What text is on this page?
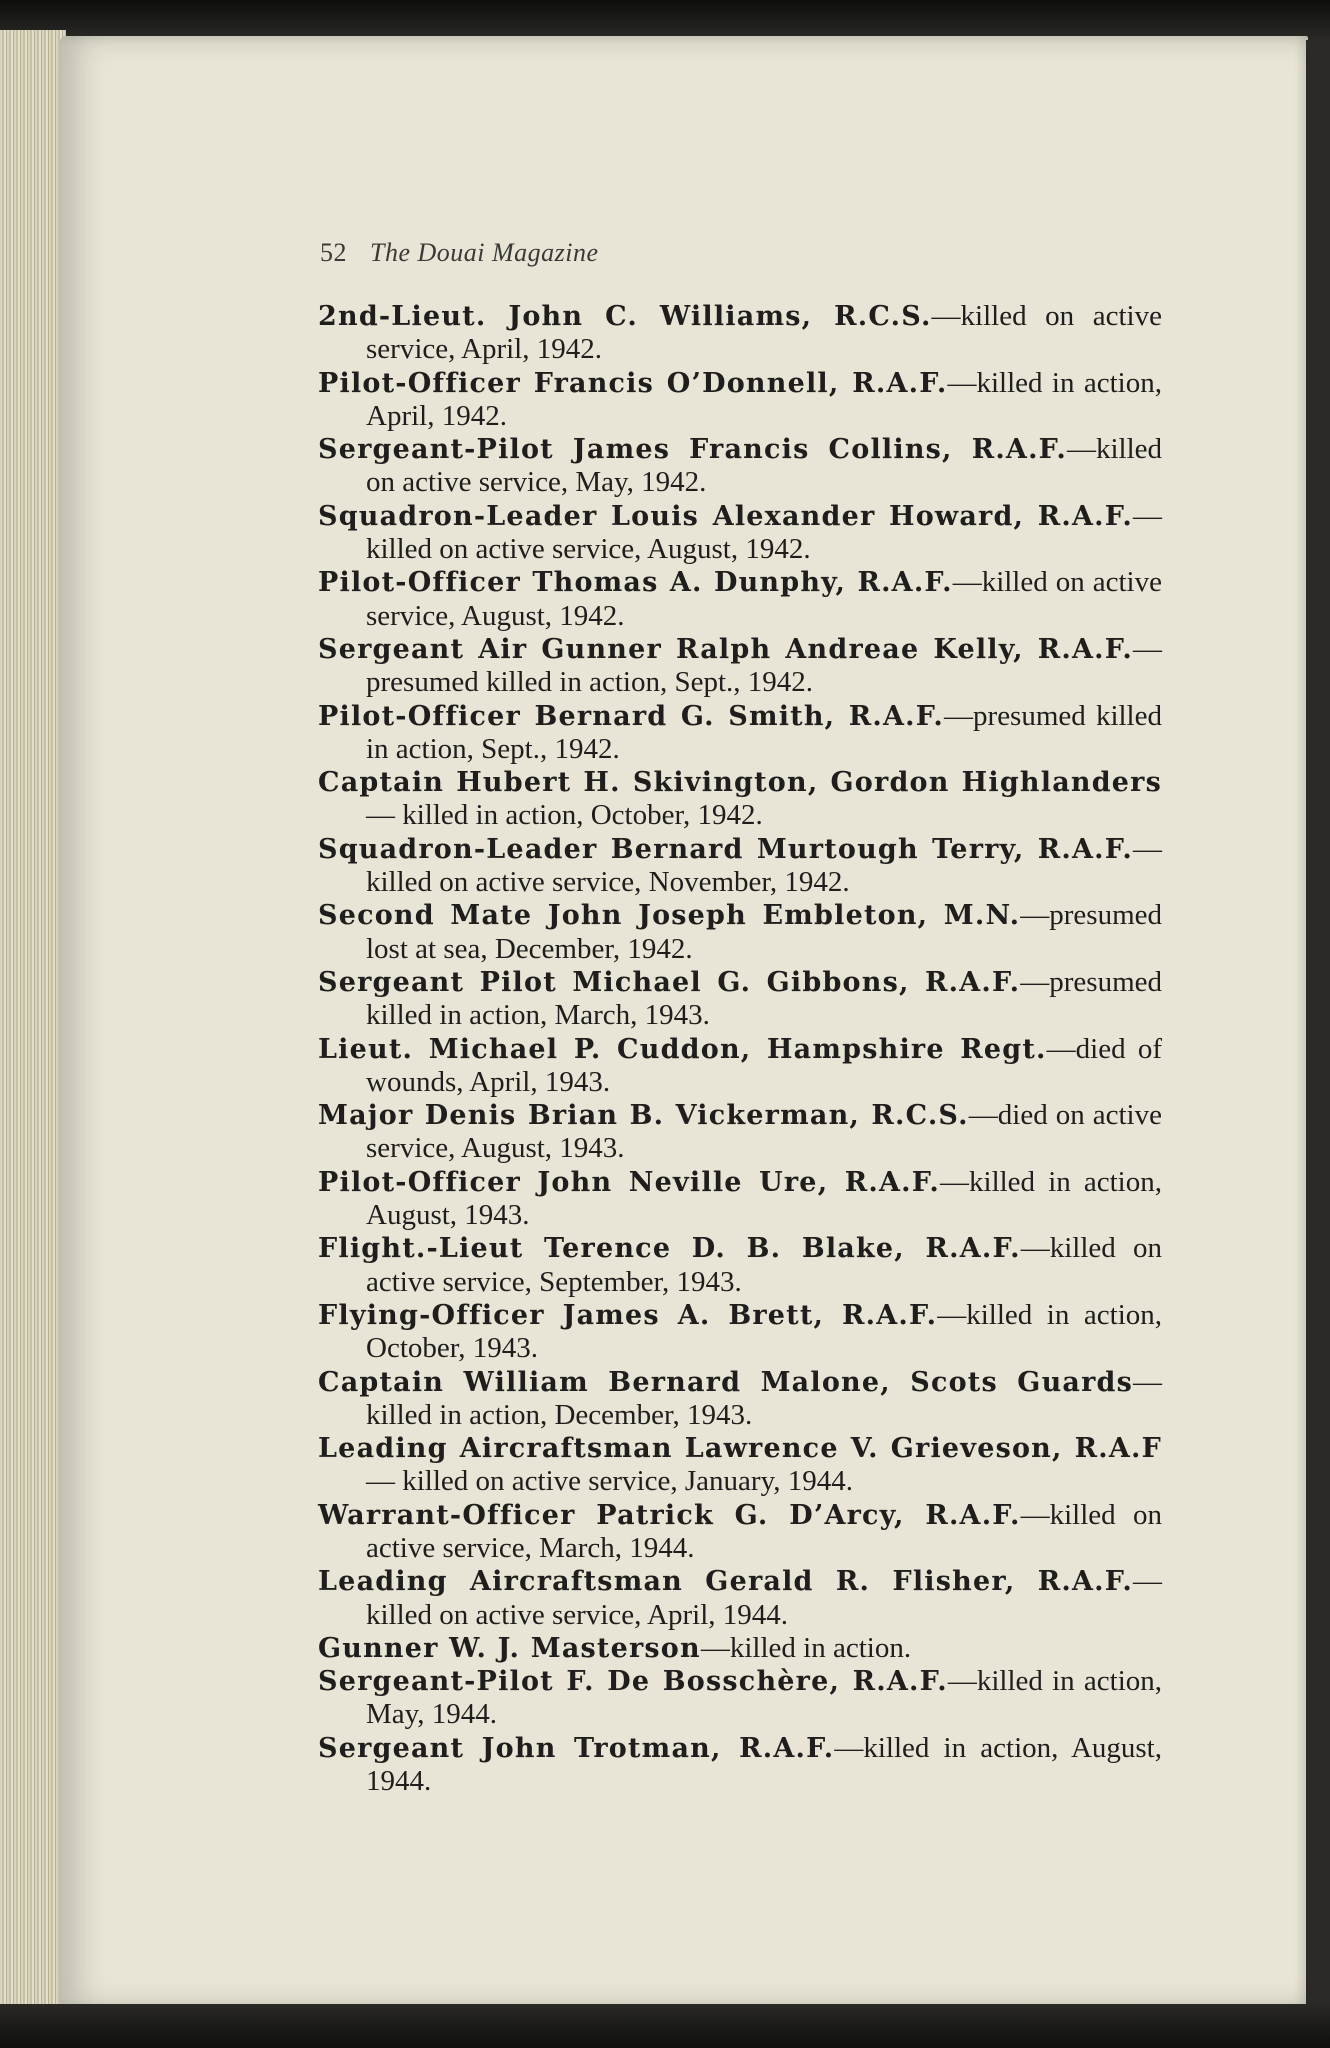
52 The Douai Magazine

2nd-Lieut. John C. Williams, R.C.S.—killed on active service, April, 1942.

Pilot-Officer Francis O’Donnell, R.A.F.—killed in action, April, 1942.

Sergeant-Pilot James Francis Collins, R.A.F.—killed on active service, May, 1942.

Squadron-Leader Louis Alexander Howard, R.A.F.— killed on active service, August, 1942.

Pilot-Officer Thomas A. Dunphy, R.A.F.—killed on active service, August, 1942.

Sergeant Air Gunner Ralph Andreae Kelly, R.A.F.— presumed killed in action, Sept., 1942.

Pilot-Officer Bernard G. Smith, R.A.F.—presumed killed in action, Sept., 1942.

Captain Hubert H. Skivington, Gordon Highlanders— killed in action, October, 1942.

Squadron-Leader Bernard Murtough Terry, R.A.F.— killed on active service, November, 1942.

Second Mate John Joseph Embleton, M.N.—presumed lost at sea, December, 1942.

Sergeant Pilot Michael G. Gibbons, R.A.F.—presumed killed in action, March, 1943.

Lieut. Michael P. Cuddon, Hampshire Regt.—died of wounds, April, 1943.

Major Denis Brian B. Vickerman, R.C.S.—died on active service, August, 1943.

Pilot-Officer John Neville Ure, R.A.F.—killed in action, August, 1943.

Flight.-Lieut Terence D. B. Blake, R.A.F.—killed on active service, September, 1943.

Flying-Officer James A. Brett, R.A.F.—killed in action, October, 1943.

Captain William Bernard Malone, Scots Guards— killed in action, December, 1943.

Leading Aircraftsman Lawrence V. Grieveson, R.A.F— killed on active service, January, 1944.

Warrant-Officer Patrick G. D’Arcy, R.A.F.—killed on active service, March, 1944.

Leading Aircraftsman Gerald R. Flisher, R.A.F.— killed on active service, April, 1944.

Gunner W. J. Masterson—killed in action.

Sergeant-Pilot F. De Bosschère, R.A.F.—killed in action, May, 1944.

Sergeant John Trotman, R.A.F.—killed in action, August, 1944.
